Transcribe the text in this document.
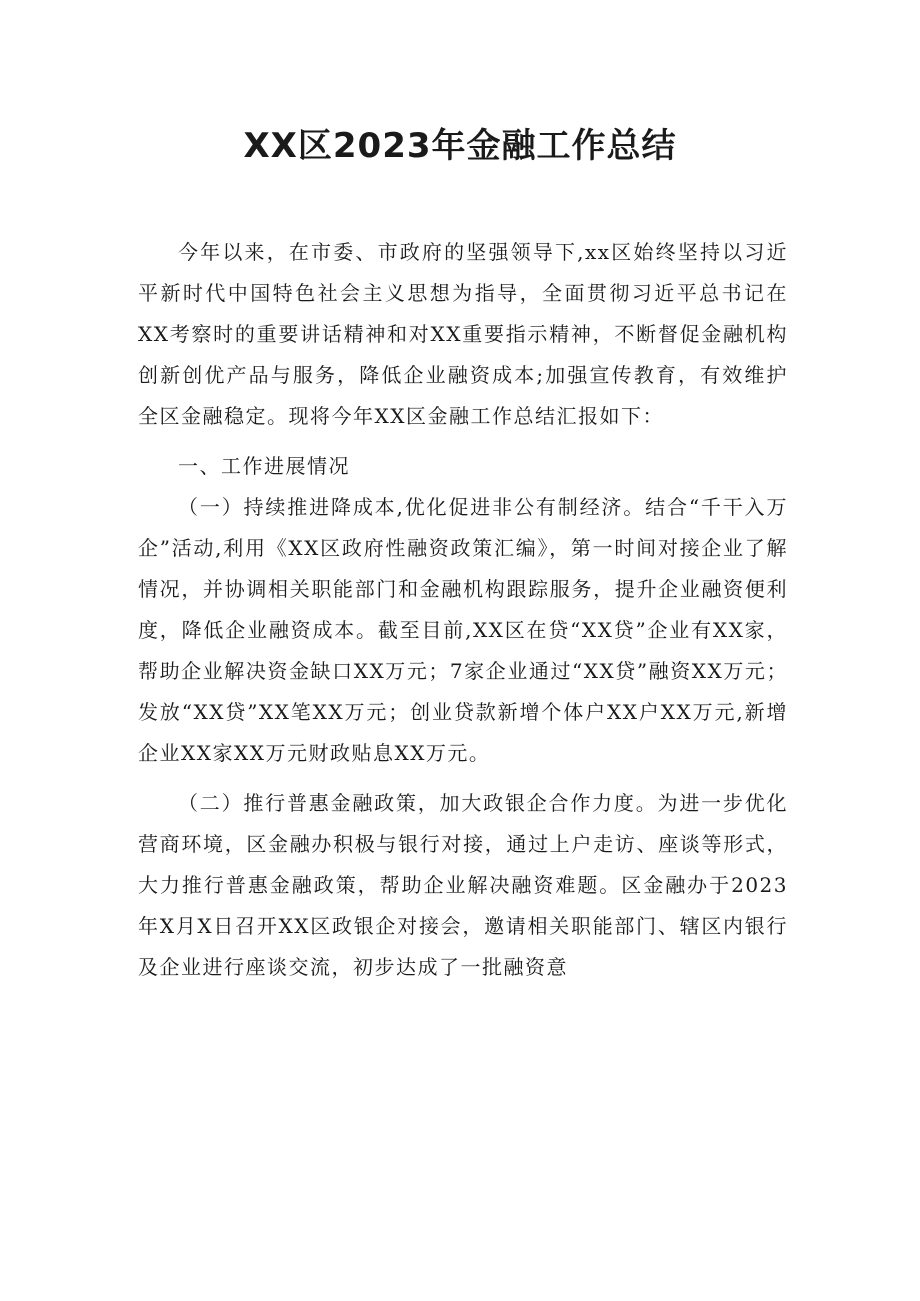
XX区2023年金融工作总结

今年以来，在市委、市政府的坚强领导下,xx区始终坚持以习近平新时代中国特色社会主义思想为指导，全面贯彻习近平总书记在XX考察时的重要讲话精神和对XX重要指示精神，不断督促金融机构创新创优产品与服务，降低企业融资成本;加强宣传教育，有效维护全区金融稳定。现将今年XX区金融工作总结汇报如下：

一、工作进展情况

（一）持续推进降成本,优化促进非公有制经济。结合“千干入万企”活动,利用《XX区政府性融资政策汇编》，第一时间对接企业了解情况，并协调相关职能部门和金融机构跟踪服务，提升企业融资便利度，降低企业融资成本。截至目前,XX区在贷“XX贷”企业有XX家，帮助企业解决资金缺口XX万元；7家企业通过“XX贷”融资XX万元；发放“XX贷”XX笔XX万元；创业贷款新增个体户XX户XX万元,新增企业XX家XX万元财政贴息XX万元。

（二）推行普惠金融政策，加大政银企合作力度。为进一步优化营商环境，区金融办积极与银行对接，通过上户走访、座谈等形式，大力推行普惠金融政策，帮助企业解决融资难题。区金融办于2023年X月X日召开XX区政银企对接会，邀请相关职能部门、辖区内银行及企业进行座谈交流，初步达成了一批融资意
